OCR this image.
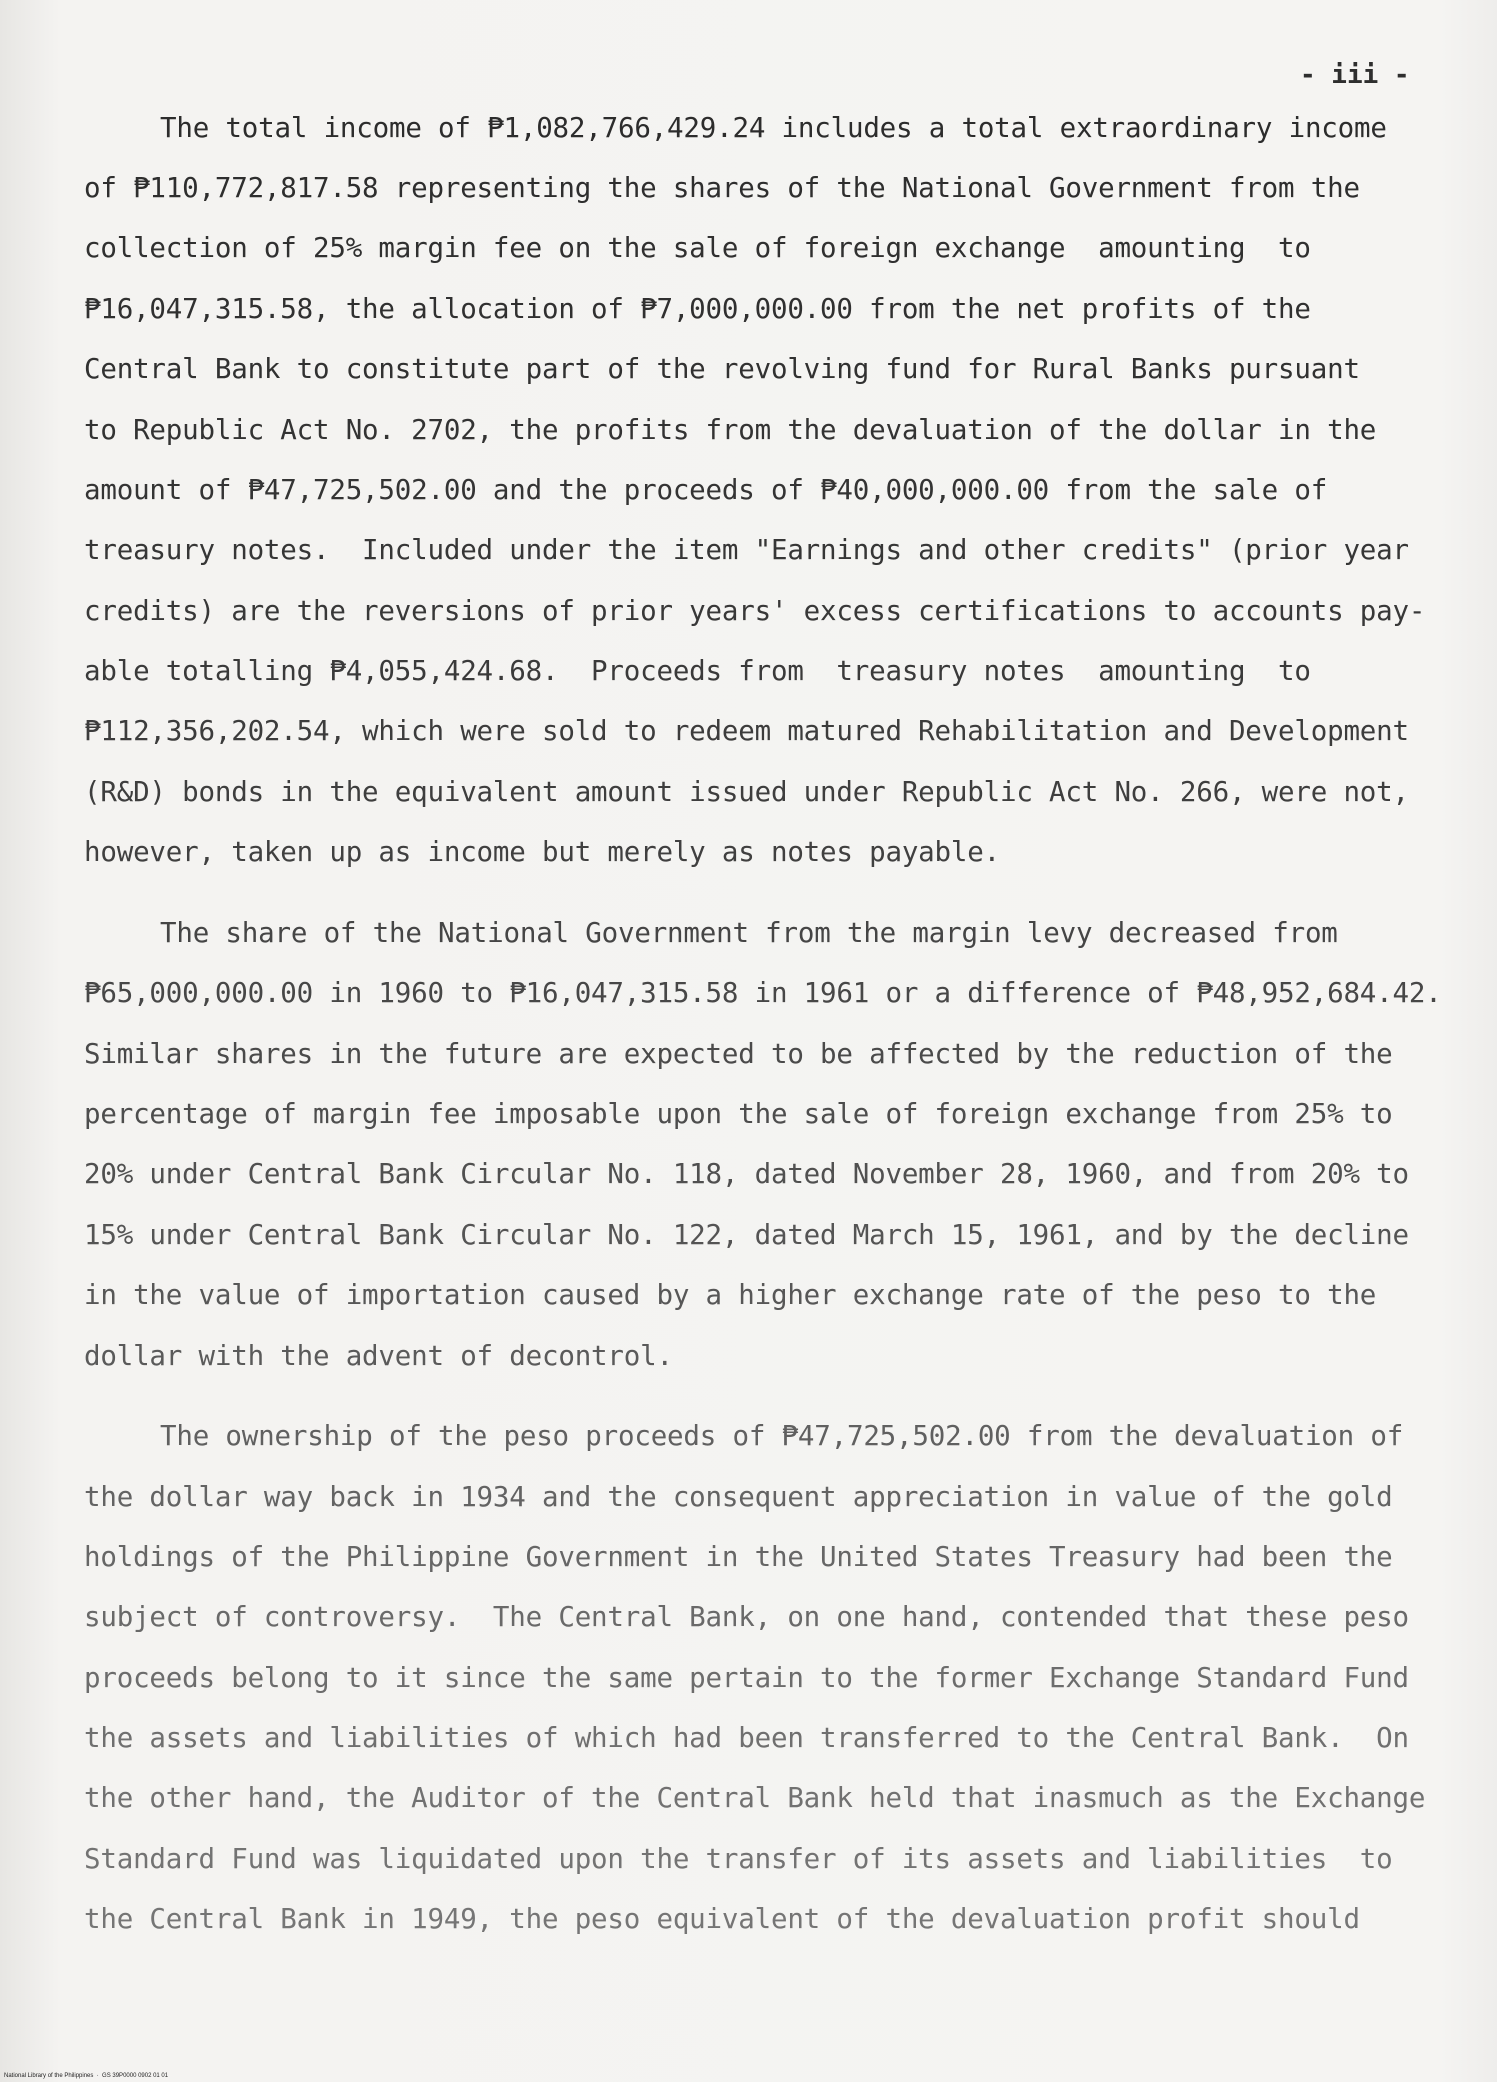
- iii -
The total income of ₱1,082,766,429.24 includes a total extraordinary income
of ₱110,772,817.58 representing the shares of the National Government from the
collection of 25% margin fee on the sale of foreign exchange  amounting  to
₱16,047,315.58, the allocation of ₱7,000,000.00 from the net profits of the
Central Bank to constitute part of the revolving fund for Rural Banks pursuant
to Republic Act No. 2702, the profits from the devaluation of the dollar in the
amount of ₱47,725,502.00 and the proceeds of ₱40,000,000.00 from the sale of
treasury notes.  Included under the item "Earnings and other credits" (prior year
credits) are the reversions of prior years' excess certifications to accounts pay-
able totalling ₱4,055,424.68.  Proceeds from  treasury notes  amounting  to
₱112,356,202.54, which were sold to redeem matured Rehabilitation and Development
(R&D) bonds in the equivalent amount issued under Republic Act No. 266, were not,
however, taken up as income but merely as notes payable.
The share of the National Government from the margin levy decreased from
₱65,000,000.00 in 1960 to ₱16,047,315.58 in 1961 or a difference of ₱48,952,684.42.
Similar shares in the future are expected to be affected by the reduction of the
percentage of margin fee imposable upon the sale of foreign exchange from 25% to
20% under Central Bank Circular No. 118, dated November 28, 1960, and from 20% to
15% under Central Bank Circular No. 122, dated March 15, 1961, and by the decline
in the value of importation caused by a higher exchange rate of the peso to the
dollar with the advent of decontrol.
The ownership of the peso proceeds of ₱47,725,502.00 from the devaluation of
the dollar way back in 1934 and the consequent appreciation in value of the gold
holdings of the Philippine Government in the United States Treasury had been the
subject of controversy.  The Central Bank, on one hand, contended that these peso
proceeds belong to it since the same pertain to the former Exchange Standard Fund
the assets and liabilities of which had been transferred to the Central Bank.  On
the other hand, the Auditor of the Central Bank held that inasmuch as the Exchange
Standard Fund was liquidated upon the transfer of its assets and liabilities  to
the Central Bank in 1949, the peso equivalent of the devaluation profit should
National Library of the Philippines  ·  GS 39P0000 0902 01 01
